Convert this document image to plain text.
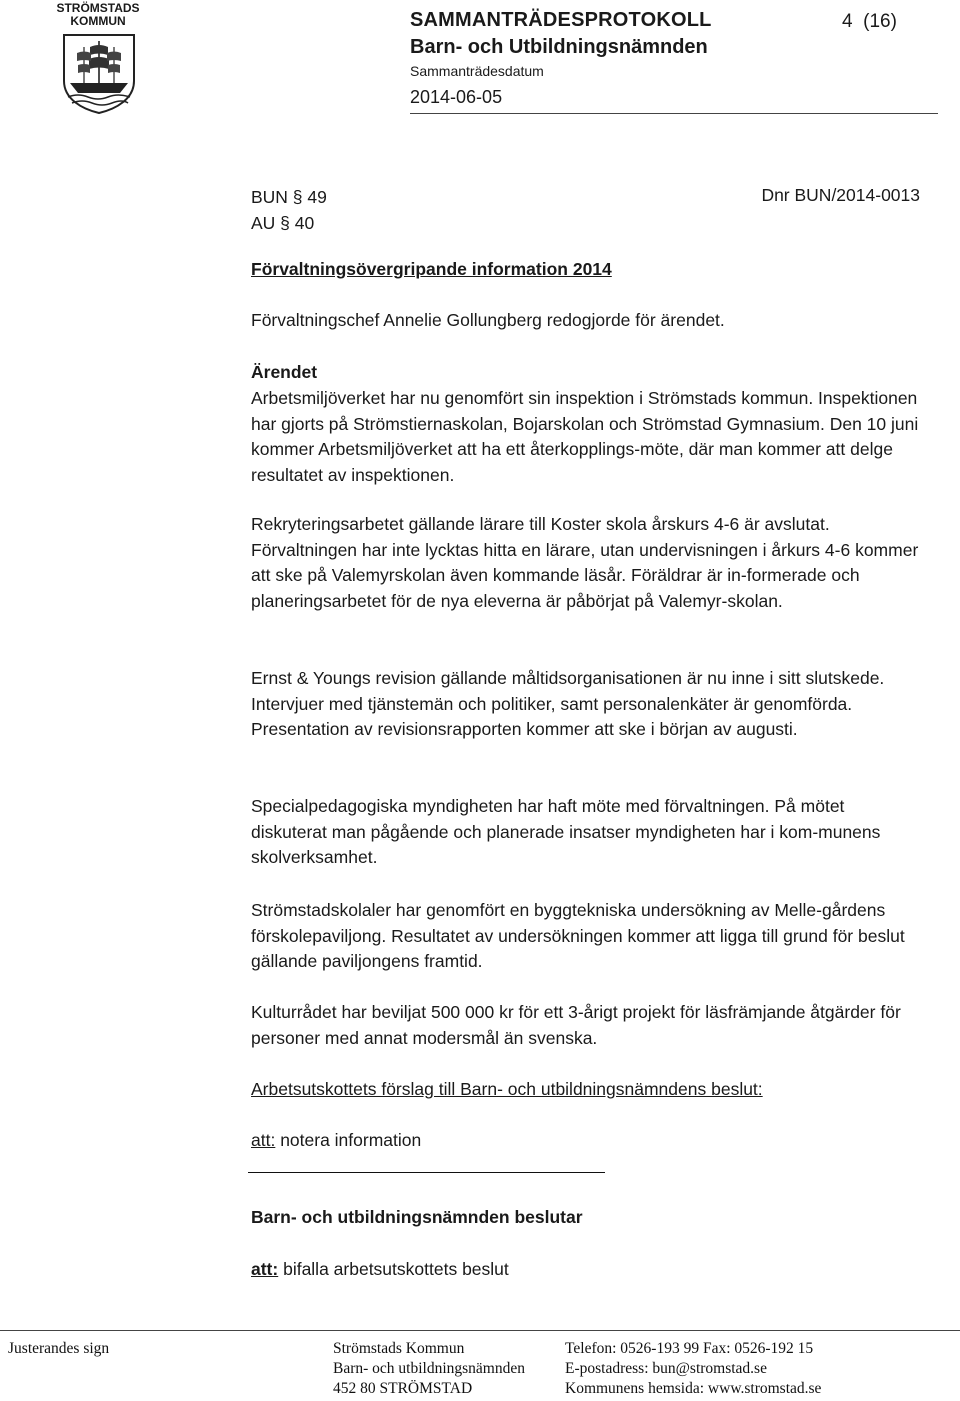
STRÖMSTADS
KOMMUN	SAMMANTRÄDESPROTOKOLL
Barn- och Utbildningsnämnden
Sammanträdesdatum
2014-06-05
4 (16)
BUN § 49
AU § 40
Dnr BUN/2014-0013
Förvaltningsövergripande information 2014
Förvaltningschef Annelie Gollungberg redogjorde för ärendet.
Ärendet
Arbetsmiljöverket har nu genomfört sin inspektion i Strömstads kommun. Inspektionen har gjorts på Strömstiernaskolan, Bojarskolan och Strömstad Gymnasium. Den 10 juni kommer Arbetsmiljöverket att ha ett återkopplings-möte, där man kommer att delge resultatet av inspektionen.
Rekryteringsarbetet gällande lärare till Koster skola årskurs 4-6 är avslutat. Förvaltningen har inte lycktas hitta en lärare, utan undervisningen i årkurs 4-6 kommer att ske på Valemyrskolan även kommande läsår. Föräldrar är in-formerade och planeringsarbetet för de nya eleverna är påbörjat på Valemyr-skolan.
Ernst & Youngs revision gällande måltidsorganisationen är nu inne i sitt slutskede. Intervjuer med tjänstemän och politiker, samt personalenkäter är genomförda. Presentation av revisionsrapporten kommer att ske i början av augusti.
Specialpedagogiska myndigheten har haft möte med förvaltningen. På mötet diskuterat man pågående och planerade insatser myndigheten har i kom-munens skolverksamhet.
Strömstadskolaler har genomfört en byggtekniska undersökning av Melle-gårdens förskolepaviljong. Resultatet av undersökningen kommer att ligga till grund för beslut gällande paviljongens framtid.
Kulturrådet har beviljat 500 000 kr för ett 3-årigt projekt för läsfrämjande åtgärder för personer med annat modersmål än svenska.
Arbetsutskottets förslag till Barn- och utbildningsnämndens beslut:
att: notera information
Barn- och utbildningsnämnden beslutar
att: bifalla arbetsutskottets beslut
Justerandes sign	Strömstads Kommun
Barn- och utbildningsnämnden
452 80 STRÖMSTAD
Telefon: 0526-193 99 Fax: 0526-192 15
E-postadress: bun@stromstad.se
Kommunens hemsida: www.stromstad.se
